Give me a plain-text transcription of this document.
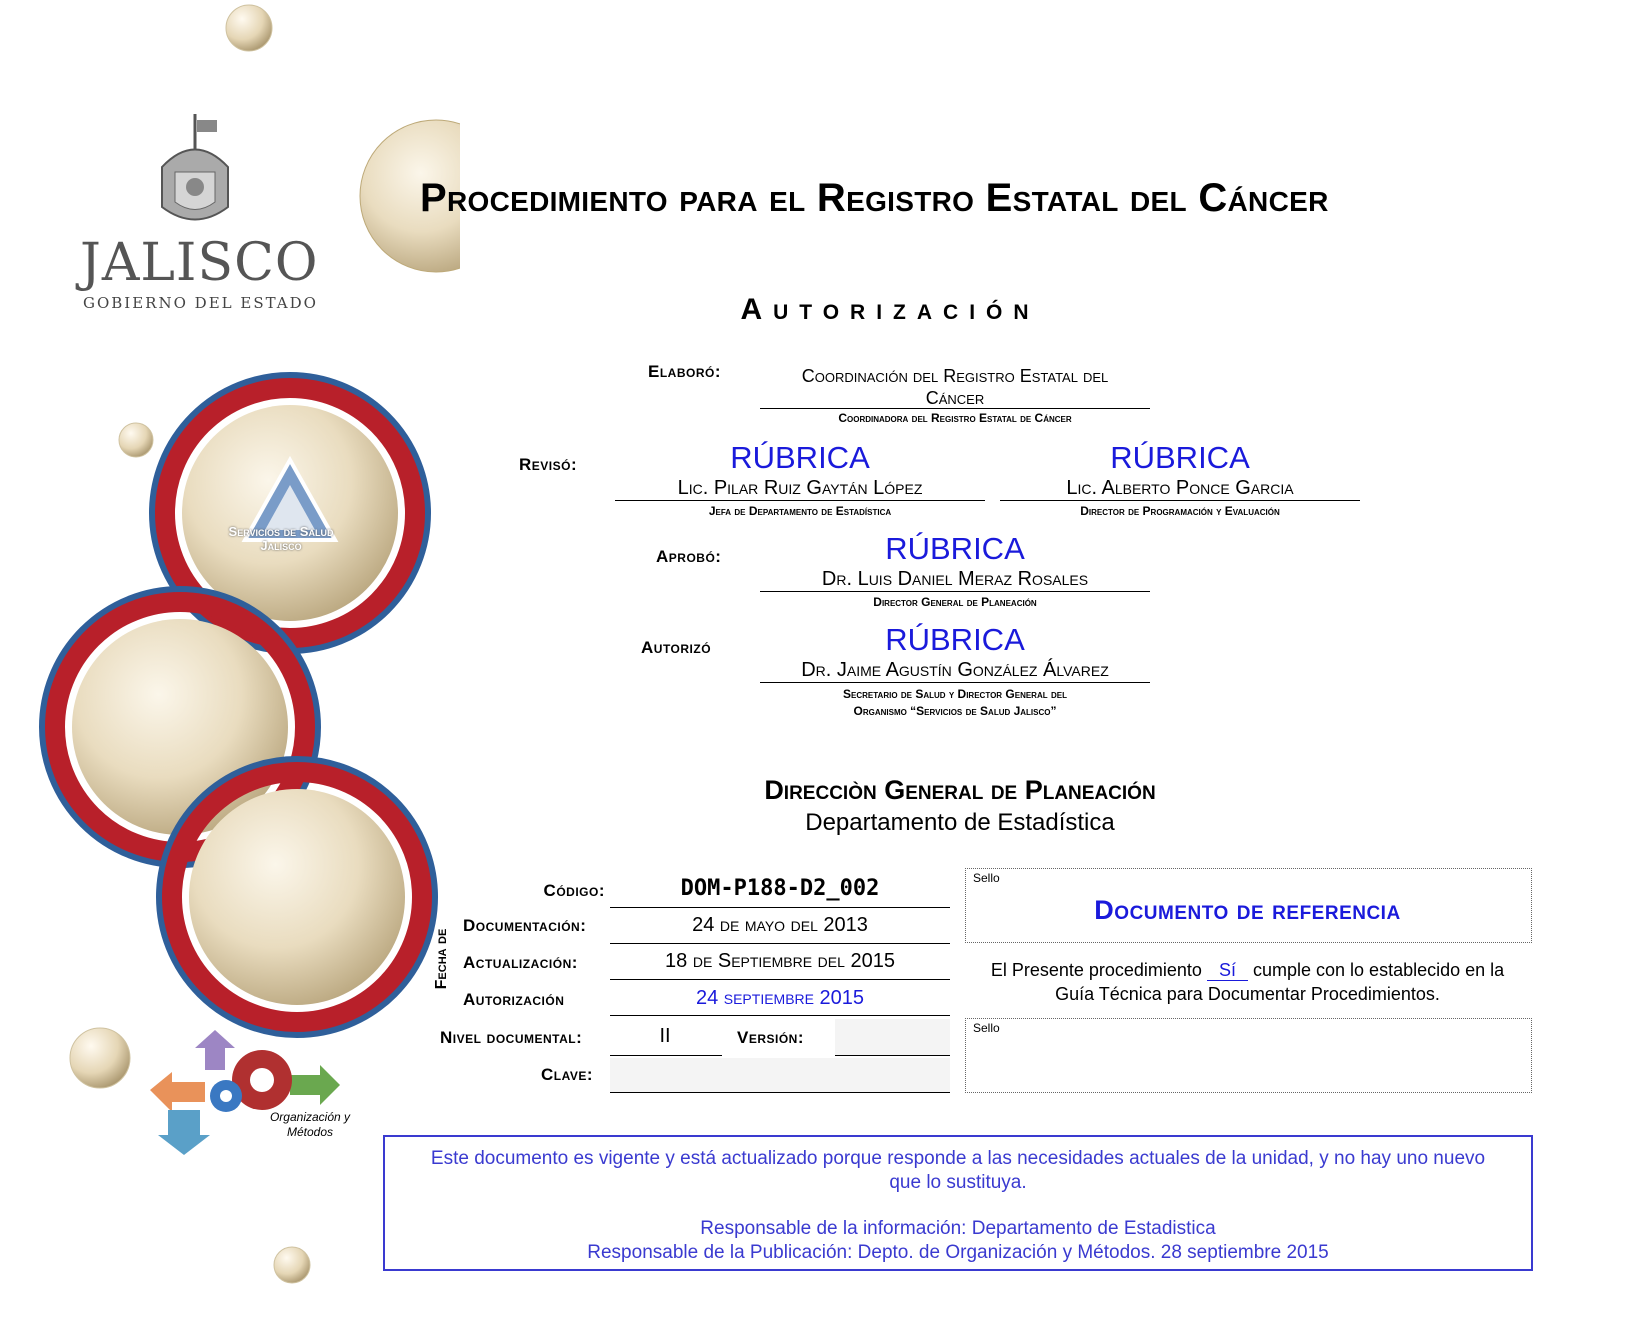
JALISCO
GOBIERNO DEL ESTADO
Servicios de Salud
Jalisco
Organización y
Métodos
Procedimiento para el Registro Estatal del Cáncer
Autorización
Elaboró:	Coordinación del Registro Estatal del
Cáncer
Coordinadora del Registro Estatal de Cáncer
Revisó:	RÚBRICA
Lic. Pilar Ruiz Gaytán López
Jefa de Departamento de Estadística
RÚBRICA
Lic. Alberto Ponce Garcia
Director de Programación y Evaluación
Aprobó:	RÚBRICA
Dr. Luis Daniel Meraz Rosales
Director General de Planeación
Autorizó	RÚBRICA
Dr. Jaime Agustín González Álvarez
Secretario de Salud y Director General del
Organismo “Servicios de Salud Jalisco”
Direcciòn General de Planeación
Departamento de Estadística
Código:	DOM-P188-D2_002
Fecha de
Documentación:	24 de mayo del 2013
Actualización:	18 de Septiembre del 2015
Autorización	24 septiembre 2015
Nivel documental:	II	Versión:
Clave:
Sello
Documento de referencia
El Presente procedimiento Sí cumple con lo establecido en la
Guía Técnica para Documentar Procedimientos.
Sello
Este documento es vigente y está actualizado porque responde a las necesidades actuales de la unidad, y no hay uno nuevo
que lo sustituya.
Responsable de la información: Departamento de Estadistica
Responsable de la Publicación: Depto. de Organización y Métodos. 28 septiembre 2015
